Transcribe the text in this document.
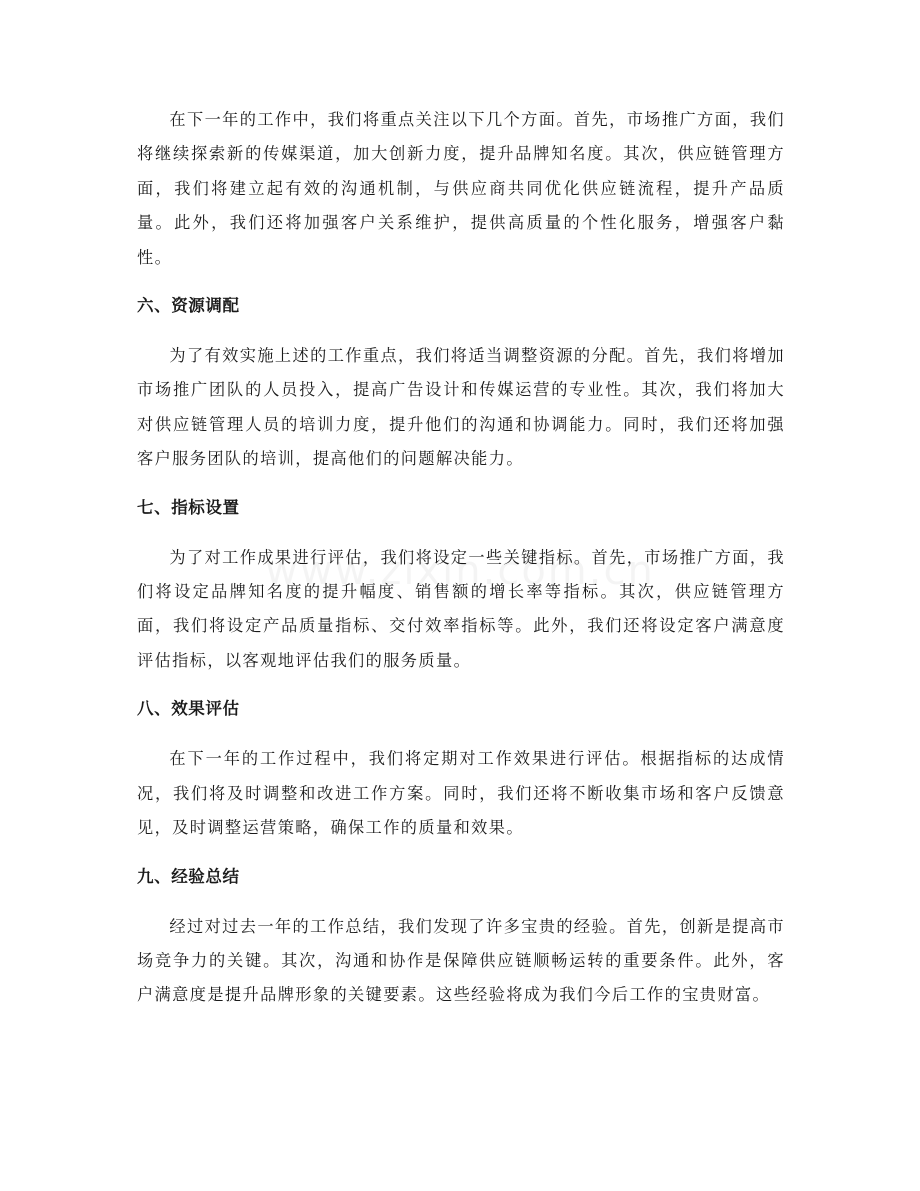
在下一年的工作中，我们将重点关注以下几个方面。首先，市场推广方面，我们将继续探索新的传媒渠道，加大创新力度，提升品牌知名度。其次，供应链管理方面，我们将建立起有效的沟通机制，与供应商共同优化供应链流程，提升产品质量。此外，我们还将加强客户关系维护，提供高质量的个性化服务，增强客户黏性。

六、资源调配

为了有效实施上述的工作重点，我们将适当调整资源的分配。首先，我们将增加市场推广团队的人员投入，提高广告设计和传媒运营的专业性。其次，我们将加大对供应链管理人员的培训力度，提升他们的沟通和协调能力。同时，我们还将加强客户服务团队的培训，提高他们的问题解决能力。

七、指标设置

为了对工作成果进行评估，我们将设定一些关键指标。首先，市场推广方面，我们将设定品牌知名度的提升幅度、销售额的增长率等指标。其次，供应链管理方面，我们将设定产品质量指标、交付效率指标等。此外，我们还将设定客户满意度评估指标，以客观地评估我们的服务质量。

八、效果评估

在下一年的工作过程中，我们将定期对工作效果进行评估。根据指标的达成情况，我们将及时调整和改进工作方案。同时，我们还将不断收集市场和客户反馈意见，及时调整运营策略，确保工作的质量和效果。

九、经验总结

经过对过去一年的工作总结，我们发现了许多宝贵的经验。首先，创新是提高市场竞争力的关键。其次，沟通和协作是保障供应链顺畅运转的重要条件。此外，客户满意度是提升品牌形象的关键要素。这些经验将成为我们今后工作的宝贵财富。
